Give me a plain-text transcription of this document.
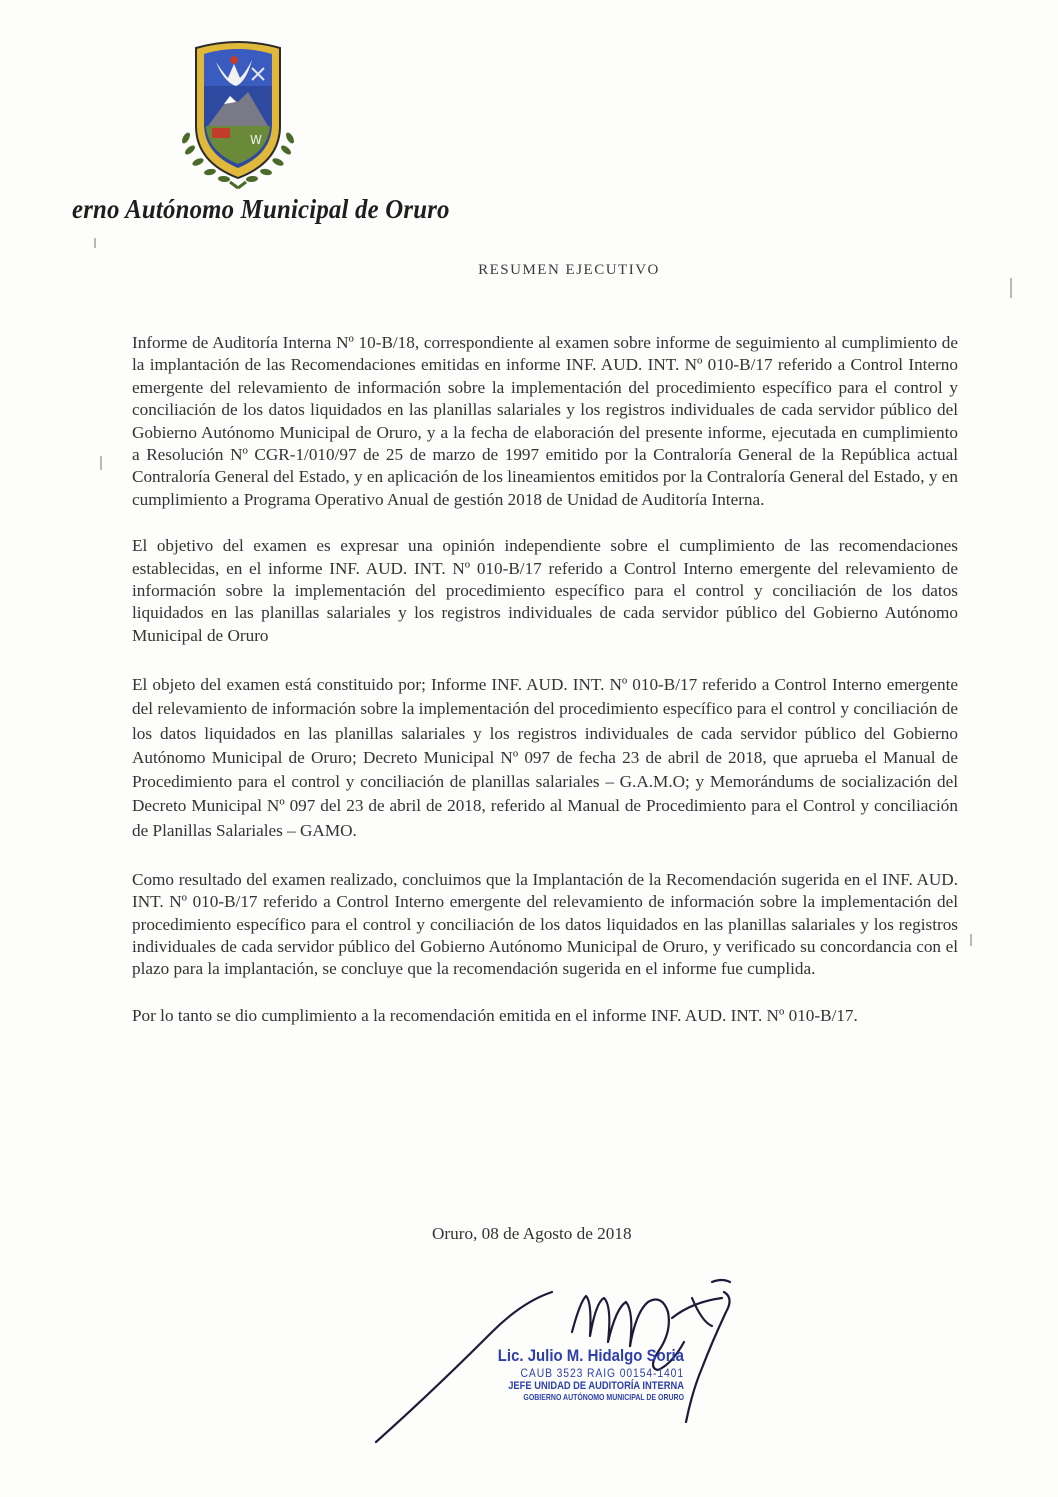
W
erno Autónomo Municipal de Oruro
RESUMEN EJECUTIVO

Informe de Auditoría Interna Nº 10-B/18, correspondiente al examen sobre informe de seguimiento al cumplimiento de la implantación de las Recomendaciones emitidas en informe INF. AUD. INT. Nº 010-B/17 referido a Control Interno emergente del relevamiento de información sobre la implementación del procedimiento específico para el control y conciliación de los datos liquidados en las planillas salariales y los registros individuales de cada servidor público del Gobierno Autónomo Municipal de Oruro, y a la fecha de elaboración del presente informe, ejecutada en cumplimiento a Resolución Nº CGR-1/010/97 de 25 de marzo de 1997 emitido por la Contraloría General de la República actual Contraloría General del Estado, y en aplicación de los lineamientos emitidos por la Contraloría General del Estado, y en cumplimiento a Programa Operativo Anual de gestión 2018 de Unidad de Auditoría Interna.

El objetivo del examen es expresar una opinión independiente sobre el cumplimiento de las recomendaciones establecidas, en el informe INF. AUD. INT. Nº 010-B/17 referido a Control Interno emergente del relevamiento de información sobre la implementación del procedimiento específico para el control y conciliación de los datos liquidados en las planillas salariales y los registros individuales de cada servidor público del Gobierno Autónomo Municipal de Oruro

El objeto del examen está constituido por; Informe INF. AUD. INT. Nº 010-B/17 referido a Control Interno emergente del relevamiento de información sobre la implementación del procedimiento específico para el control y conciliación de los datos liquidados en las planillas salariales y los registros individuales de cada servidor público del Gobierno Autónomo Municipal de Oruro; Decreto Municipal Nº 097 de fecha 23 de abril de 2018, que aprueba el Manual de Procedimiento para el control y conciliación de planillas salariales – G.A.M.O; y Memorándums de socialización del Decreto Municipal Nº 097 del 23 de abril de 2018, referido al Manual de Procedimiento para el Control y conciliación de Planillas Salariales – GAMO.

Como resultado del examen realizado, concluimos que la Implantación de la Recomendación sugerida en el INF. AUD. INT. Nº 010-B/17 referido a Control Interno emergente del relevamiento de información sobre la implementación del procedimiento específico para el control y conciliación de los datos liquidados en las planillas salariales y los registros individuales de cada servidor público del Gobierno Autónomo Municipal de Oruro, y verificado su concordancia con el plazo para la implantación, se concluye que la recomendación sugerida en el informe fue cumplida.

Por lo tanto se dio cumplimiento a la recomendación emitida en el informe INF. AUD. INT. Nº 010-B/17.

Oruro, 08 de Agosto de 2018
Lic. Julio M. Hidalgo Soria
CAUB 3523 RAIG 00154-1401
JEFE UNIDAD DE AUDITORÍA INTERNA
GOBIERNO AUTÓNOMO MUNICIPAL DE ORURO
